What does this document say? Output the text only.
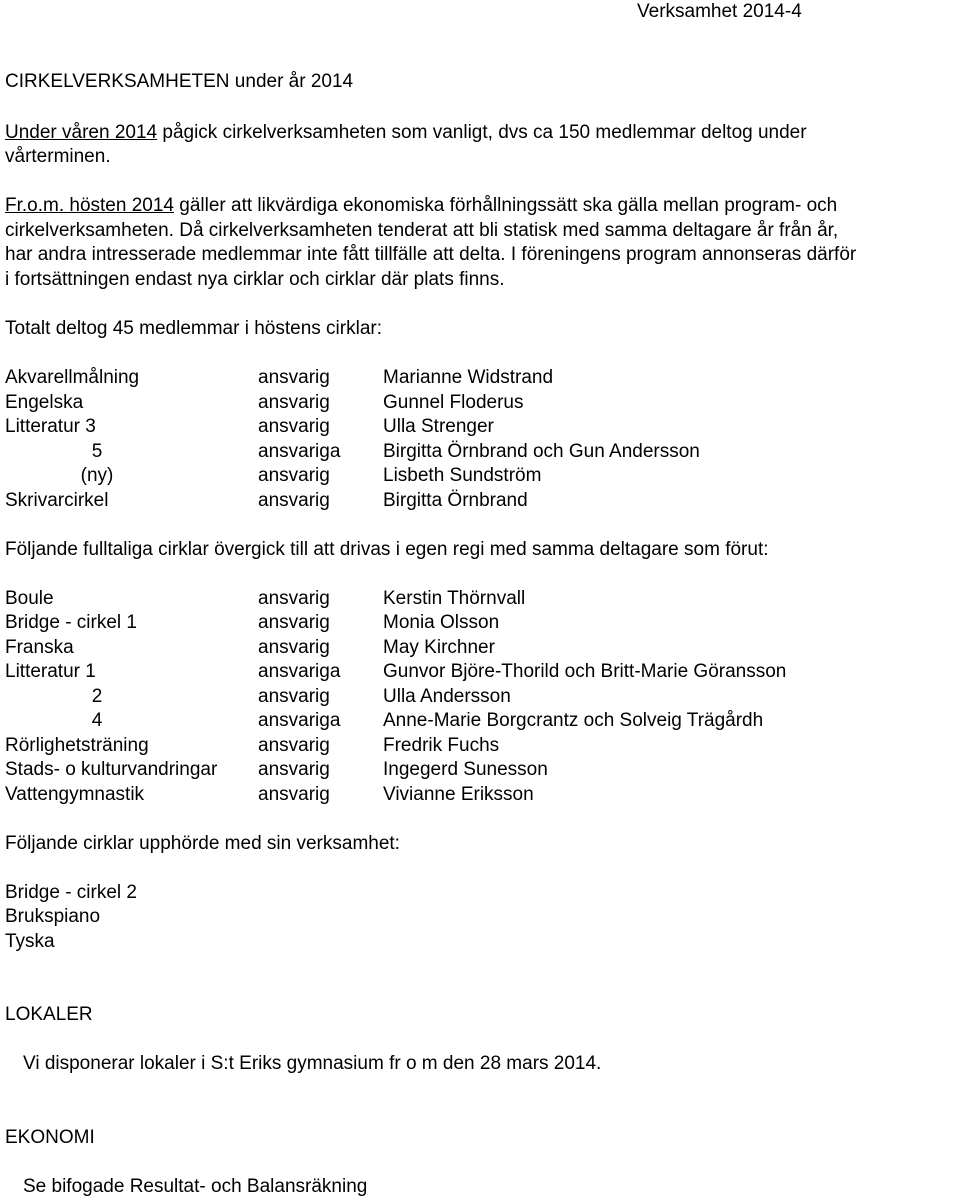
Verksamhet 2014-4
CIRKELVERKSAMHETEN under år 2014
Under våren 2014 pågick cirkelverksamheten som vanligt, dvs ca 150 medlemmar deltog under
vårterminen.
Fr.o.m. hösten 2014 gäller att likvärdiga ekonomiska förhållningssätt ska gälla mellan program- och
cirkelverksamheten. Då cirkelverksamheten tenderat att bli statisk med samma deltagare år från år,
har andra intresserade medlemmar inte fått tillfälle att delta. I föreningens program annonseras därför
i fortsättningen endast nya cirklar och cirklar där plats finns.
Totalt deltog 45 medlemmar i höstens cirklar:
Akvarellmålning	ansvarig	Marianne Widstrand
Engelska	ansvarig	Gunnel Floderus
Litteratur 3	ansvarig	Ulla Strenger
5	ansvariga Birgitta Örnbrand och Gun Andersson
(ny)	ansvarig	Lisbeth Sundström
Skrivarcirkel	ansvarig	Birgitta Örnbrand
Följande fulltaliga cirklar övergick till att drivas i egen regi med samma deltagare som förut:
Boule	ansvarig	Kerstin Thörnvall
Bridge - cirkel 1	ansvarig	Monia Olsson
Franska	ansvarig	May Kirchner
Litteratur 1	ansvariga Gunvor Björe-Thorild och Britt-Marie Göransson
2	ansvarig	Ulla Andersson
4	ansvariga Anne-Marie Borgcrantz och Solveig Trägårdh
Rörlighetsträning	ansvarig	Fredrik Fuchs
Stads- o kulturvandringar ansvarig	Ingegerd Sunesson
Vattengymnastik	ansvarig	Vivianne Eriksson
Följande cirklar upphörde med sin verksamhet:
Bridge - cirkel 2
Brukspiano
Tyska
LOKALER
Vi disponerar lokaler i S:t Eriks gymnasium fr o m den 28 mars 2014.
EKONOMI
Se bifogade Resultat- och Balansräkning
